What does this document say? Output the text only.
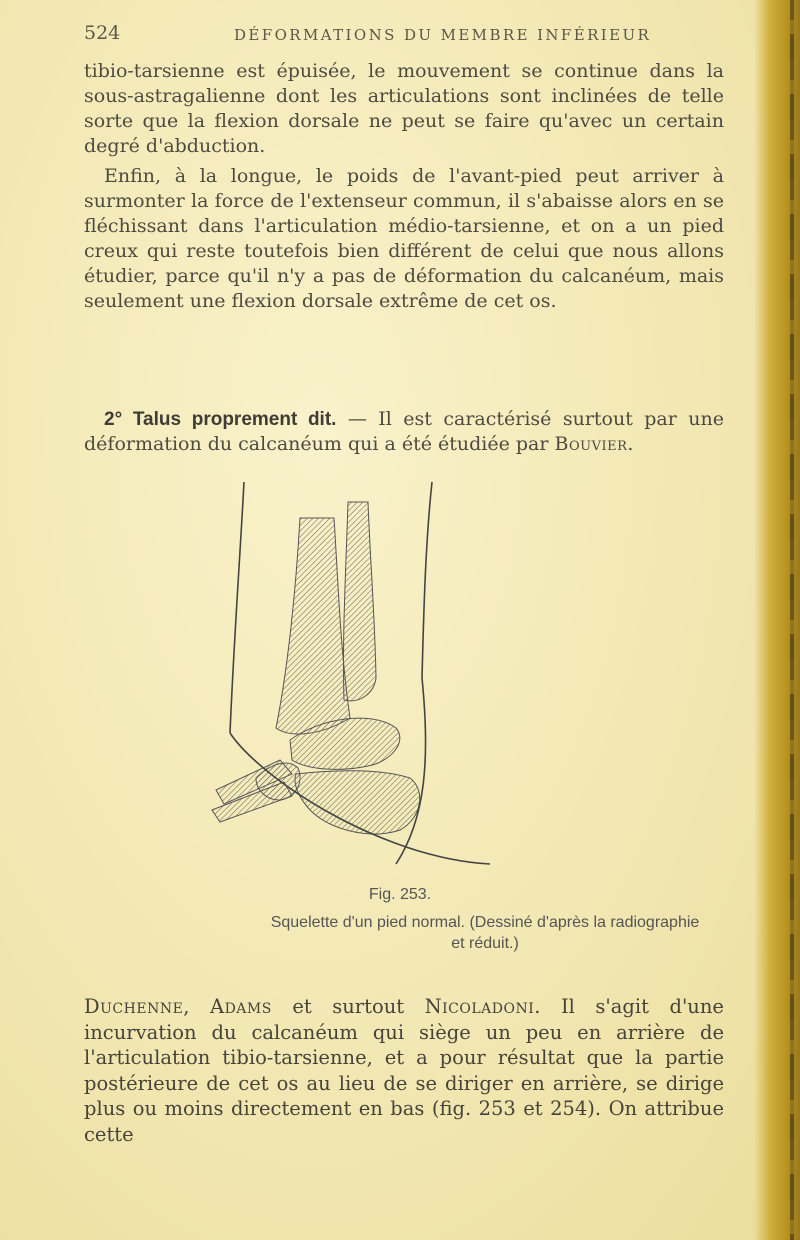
524	DÉFORMATIONS DU MEMBRE INFÉRIEUR
tibio-tarsienne est épuisée, le mouvement se continue dans la sous-astragalienne dont les articulations sont inclinées de telle sorte que la flexion dorsale ne peut se faire qu'avec un certain degré d'abduction.
Enfin, à la longue, le poids de l'avant-pied peut arriver à surmonter la force de l'extenseur commun, il s'abaisse alors en se fléchissant dans l'articulation médio-tarsienne, et on a un pied creux qui reste toutefois bien différent de celui que nous allons étudier, parce qu'il n'y a pas de déformation du calcanéum, mais seulement une flexion dorsale extrême de cet os.
2° Talus proprement dit. — Il est caractérisé surtout par une déformation du calcanéum qui a été étudiée par Bouvier.
Fig. 253.
Squelette d'un pied normal. (Dessiné d'après la radiographie
et réduit.)
Duchenne, Adams et surtout Nicoladoni. Il s'agit d'une incurvation du calcanéum qui siège un peu en arrière de l'articulation tibio-tarsienne, et a pour résultat que la partie postérieure de cet os au lieu de se diriger en arrière, se dirige plus ou moins directement en bas (fig. 253 et 254). On attribue cette
